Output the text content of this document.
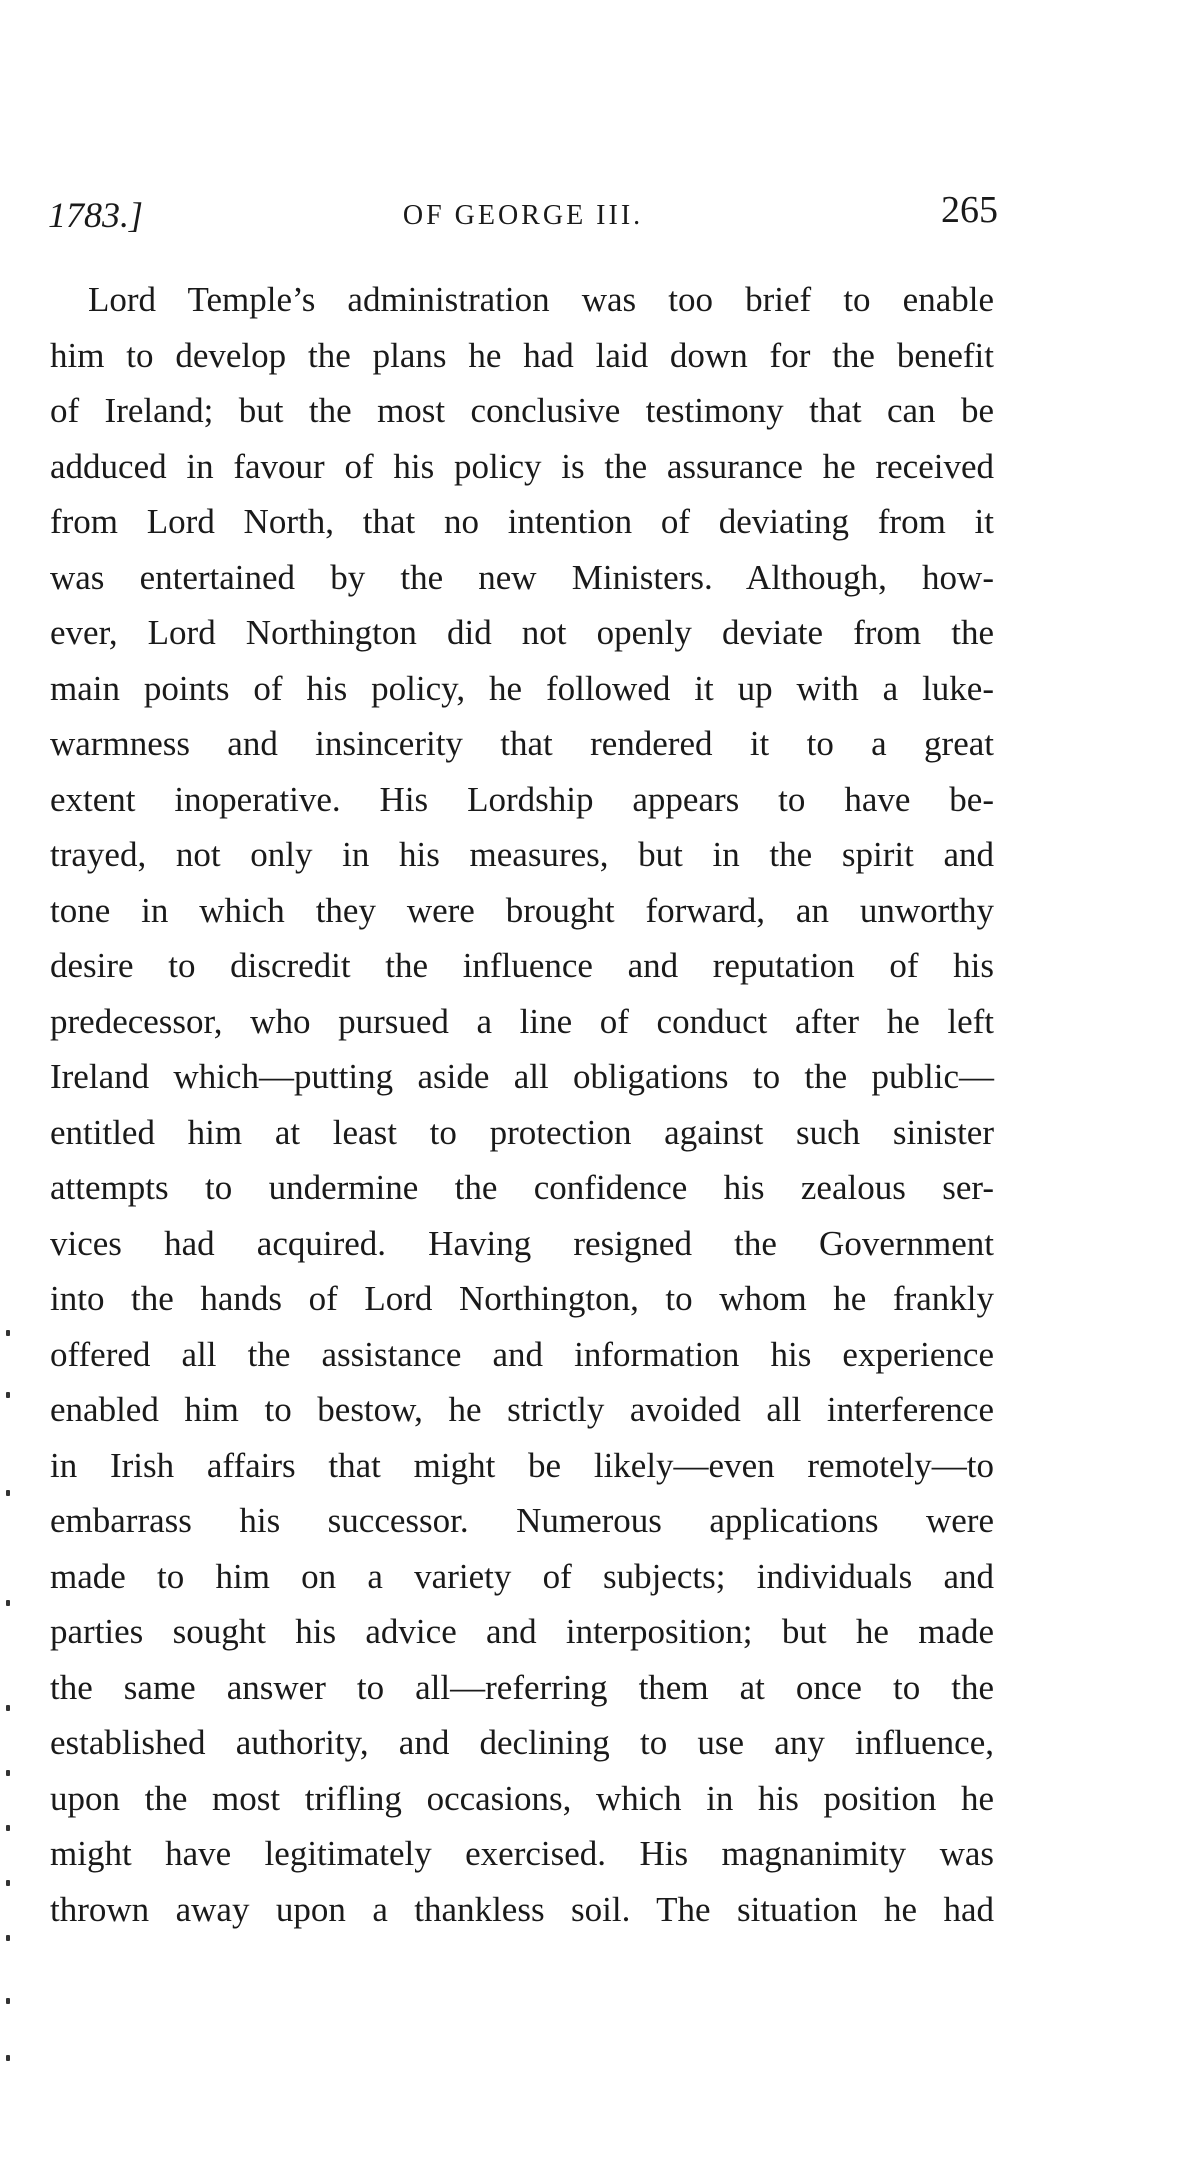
1783.]	OF GEORGE III.	265
Lord Temple’s administration was too brief to enable
him to develop the plans he had laid down for the benefit
of Ireland; but the most conclusive testimony that can be
adduced in favour of his policy is the assurance he received
from Lord North, that no intention of deviating from it
was entertained by the new Ministers. Although, how-
ever, Lord Northington did not openly deviate from the
main points of his policy, he followed it up with a luke-
warmness and insincerity that rendered it to a great
extent inoperative. His Lordship appears to have be-
trayed, not only in his measures, but in the spirit and
tone in which they were brought forward, an unworthy
desire to discredit the influence and reputation of his
predecessor, who pursued a line of conduct after he left
Ireland which—putting aside all obligations to the public—
entitled him at least to protection against such sinister
attempts to undermine the confidence his zealous ser-
vices had acquired. Having resigned the Government
into the hands of Lord Northington, to whom he frankly
offered all the assistance and information his experience
enabled him to bestow, he strictly avoided all interference
in Irish affairs that might be likely—even remotely—to
embarrass his successor. Numerous applications were
made to him on a variety of subjects; individuals and
parties sought his advice and interposition; but he made
the same answer to all—referring them at once to the
established authority, and declining to use any influence,
upon the most trifling occasions, which in his position he
might have legitimately exercised. His magnanimity was
thrown away upon a thankless soil. The situation he had
